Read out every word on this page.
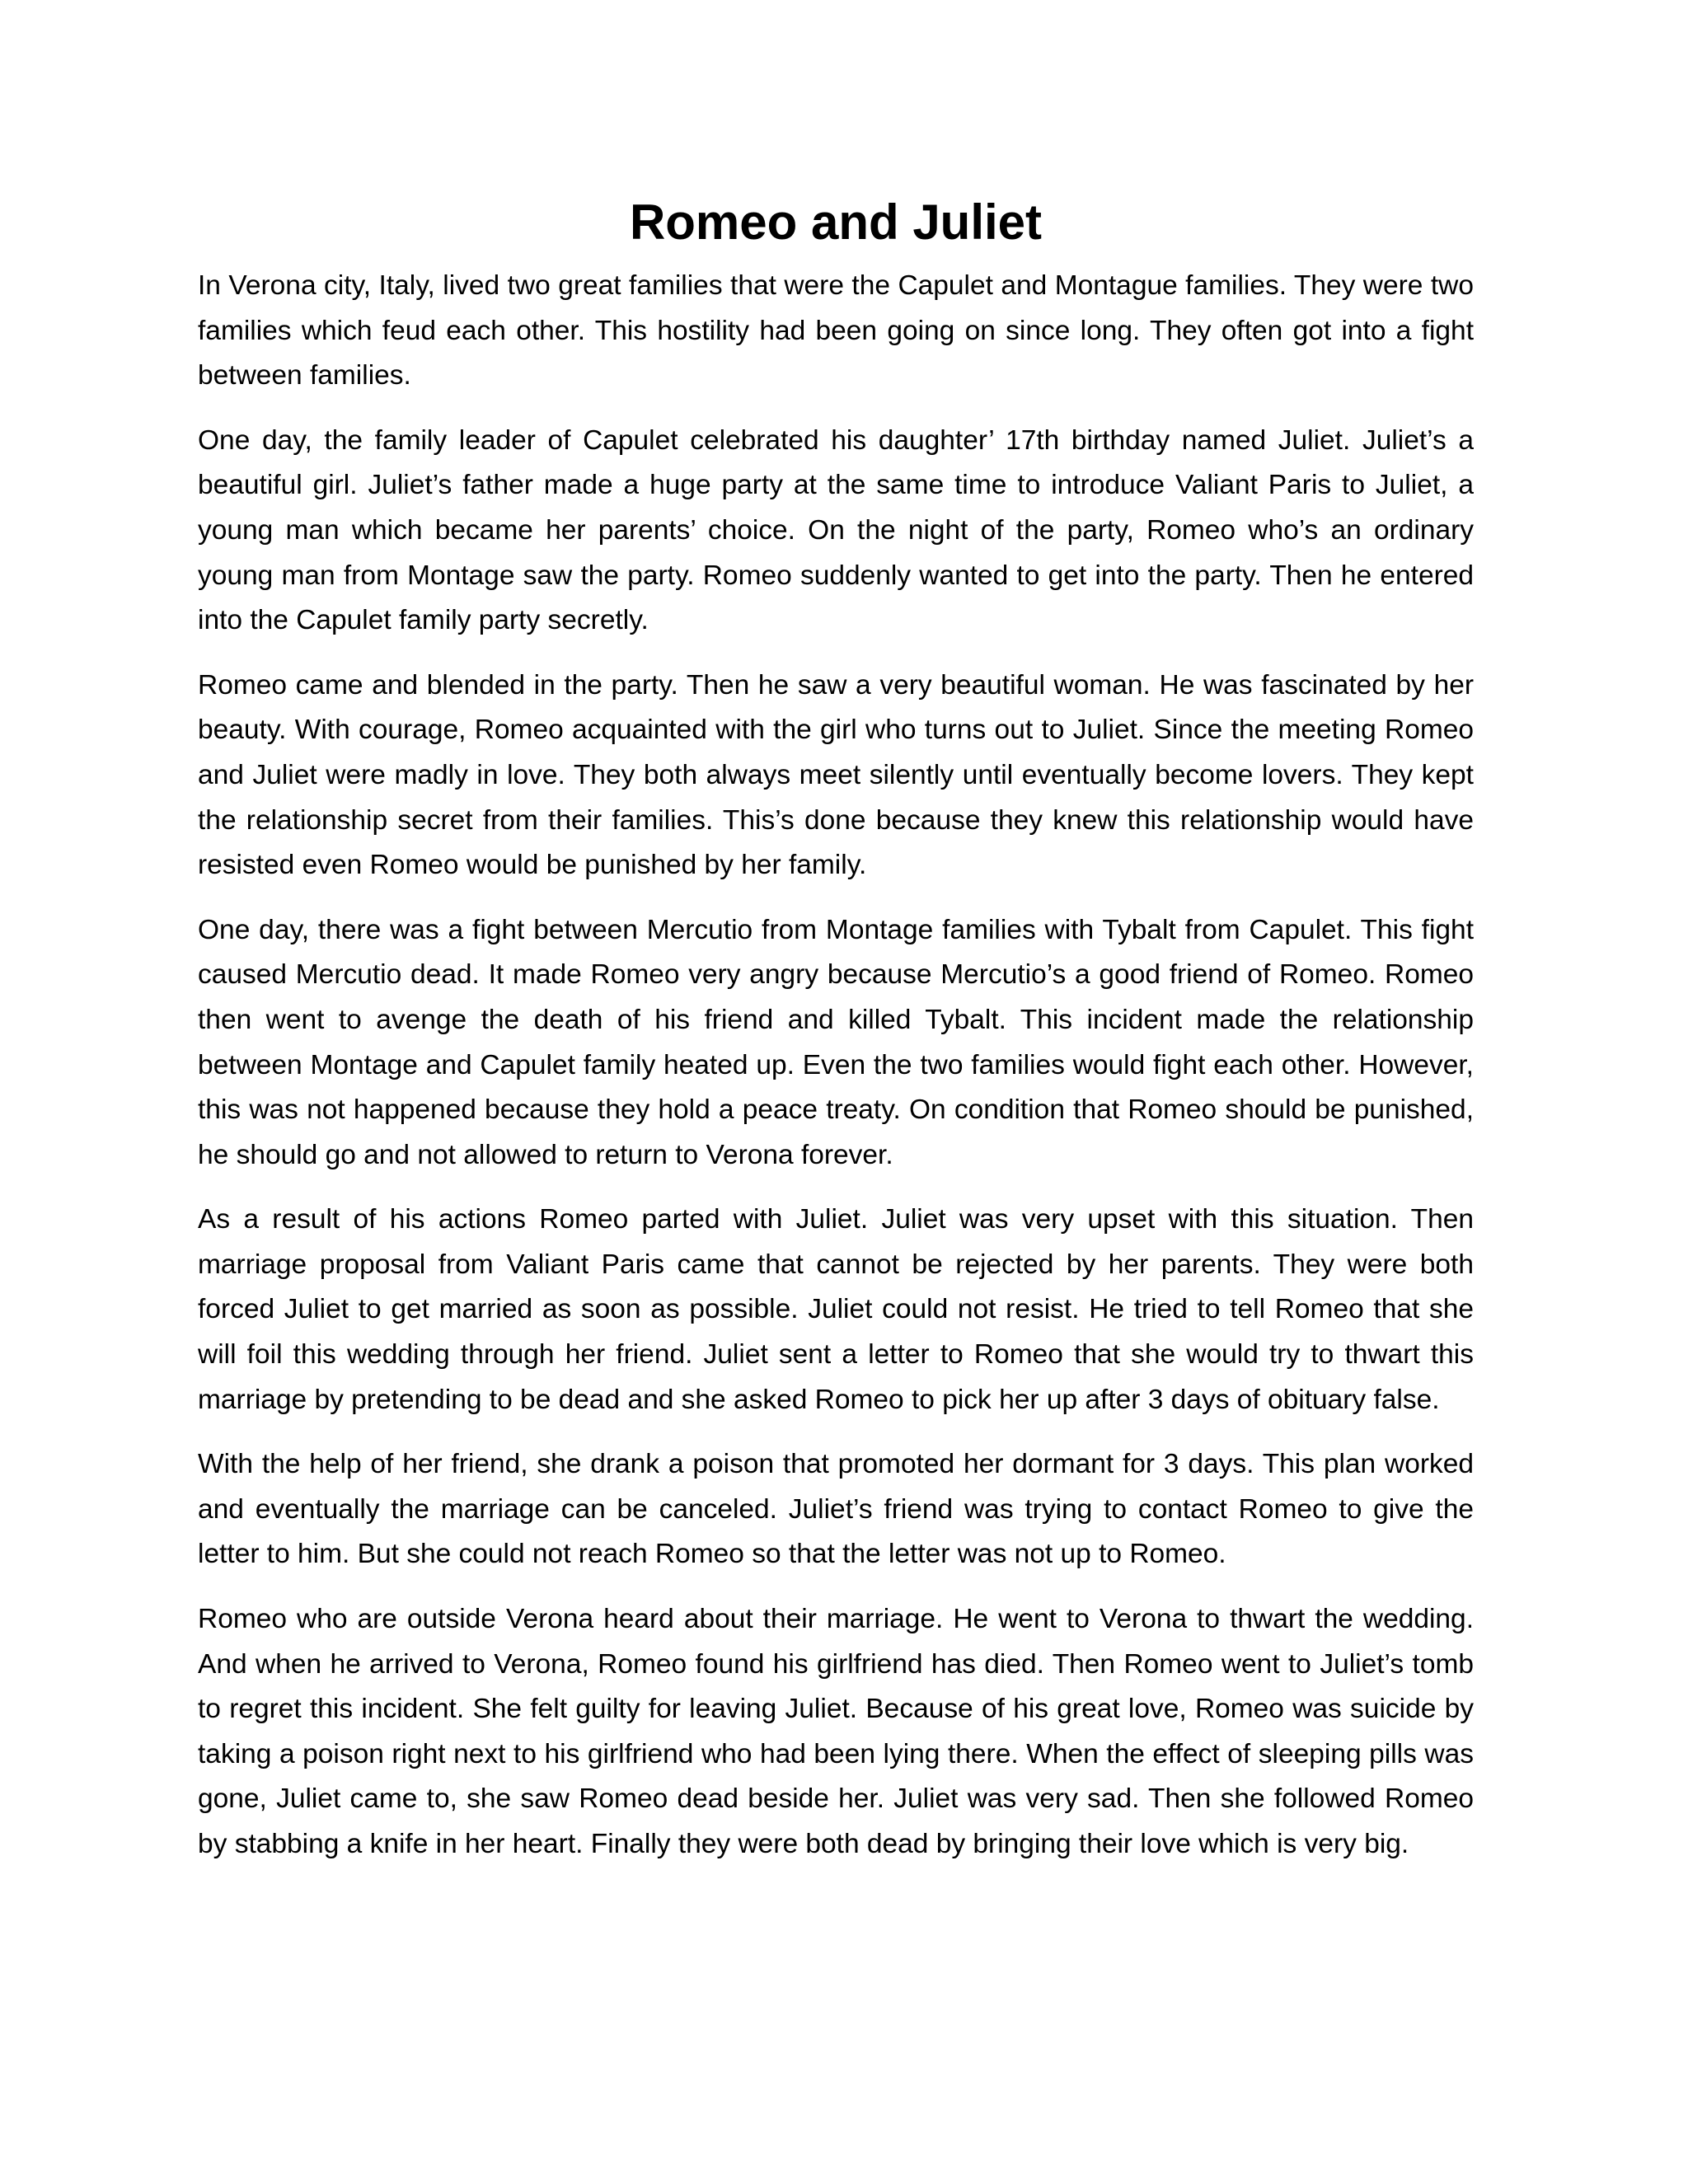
Romeo and Juliet

In Verona city, Italy, lived two great families that were the Capulet and Montague families. They were two families which feud each other. This hostility had been going on since long. They often got into a fight between families.

One day, the family leader of Capulet celebrated his daughter’ 17th birthday named Juliet. Juliet’s a beautiful girl. Juliet’s father made a huge party at the same time to introduce Valiant Paris to Juliet, a young man which became her parents’ choice. On the night of the party, Romeo who’s an ordinary young man from Montage saw the party. Romeo suddenly wanted to get into the party. Then he entered into the Capulet family party secretly.

Romeo came and blended in the party. Then he saw a very beautiful woman. He was fascinated by her beauty. With courage, Romeo acquainted with the girl who turns out to Juliet. Since the meeting Romeo and Juliet were madly in love. They both always meet silently until eventually become lovers. They kept the relationship secret from their families. This’s done because they knew this relationship would have resisted even Romeo would be punished by her family.

One day, there was a fight between Mercutio from Montage families with Tybalt from Capulet. This fight caused Mercutio dead. It made Romeo very angry because Mercutio’s a good friend of Romeo. Romeo then went to avenge the death of his friend and killed Tybalt. This incident made the relationship between Montage and Capulet family heated up. Even the two families would fight each other. However, this was not happened because they hold a peace treaty. On condition that Romeo should be punished, he should go and not allowed to return to Verona forever.

As a result of his actions Romeo parted with Juliet. Juliet was very upset with this situation. Then marriage proposal from Valiant Paris came that cannot be rejected by her parents. They were both forced Juliet to get married as soon as possible. Juliet could not resist. He tried to tell Romeo that she will foil this wedding through her friend. Juliet sent a letter to Romeo that she would try to thwart this marriage by pretending to be dead and she asked Romeo to pick her up after 3 days of obituary false.

With the help of her friend, she drank a poison that promoted her dormant for 3 days. This plan worked and eventually the marriage can be canceled. Juliet’s friend was trying to contact Romeo to give the letter to him. But she could not reach Romeo so that the letter was not up to Romeo.

Romeo who are outside Verona heard about their marriage. He went to Verona to thwart the wedding. And when he arrived to Verona, Romeo found his girlfriend has died. Then Romeo went to Juliet’s tomb to regret this incident. She felt guilty for leaving Juliet. Because of his great love, Romeo was suicide by taking a poison right next to his girlfriend who had been lying there. When the effect of sleeping pills was gone, Juliet came to, she saw Romeo dead beside her. Juliet was very sad. Then she followed Romeo by stabbing a knife in her heart. Finally they were both dead by bringing their love which is very big.
